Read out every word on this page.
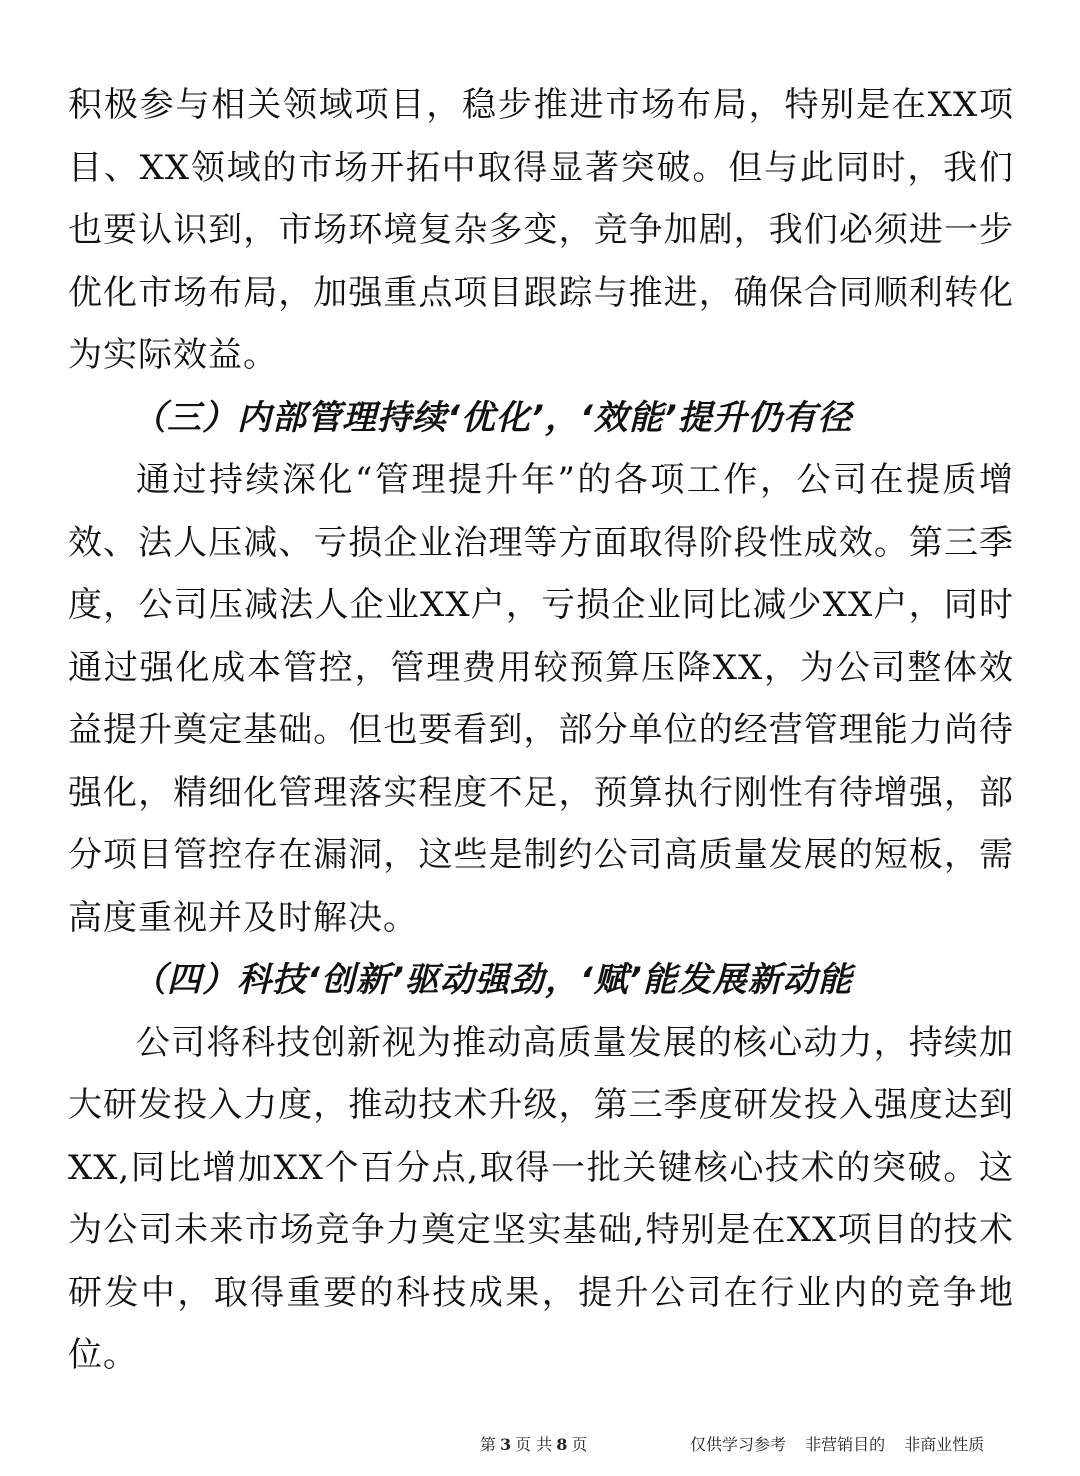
积极参与相关领域项目，稳步推进市场布局，特别是在XX项目、XX领域的市场开拓中取得显著突破。但与此同时，我们也要认识到，市场环境复杂多变，竞争加剧，我们必须进一步优化市场布局，加强重点项目跟踪与推进，确保合同顺利转化为实际效益。

（三）内部管理持续‘优化’，‘效能’提升仍有径

通过持续深化“管理提升年”的各项工作，公司在提质增效、法人压减、亏损企业治理等方面取得阶段性成效。第三季度，公司压减法人企业XX户，亏损企业同比减少XX户，同时通过强化成本管控，管理费用较预算压降XX，为公司整体效益提升奠定基础。但也要看到，部分单位的经营管理能力尚待强化，精细化管理落实程度不足，预算执行刚性有待增强，部分项目管控存在漏洞，这些是制约公司高质量发展的短板，需高度重视并及时解决。

（四）科技‘创新’驱动强劲，‘赋’能发展新动能

公司将科技创新视为推动高质量发展的核心动力，持续加大研发投入力度，推动技术升级，第三季度研发投入强度达到XX,同比增加XX个百分点,取得一批关键核心技术的突破。这为公司未来市场竞争力奠定坚实基础,特别是在XX项目的技术研发中，取得重要的科技成果，提升公司在行业内的竞争地位。

第 3 页 共 8 页	仅供学习参考 非营销目的 非商业性质
